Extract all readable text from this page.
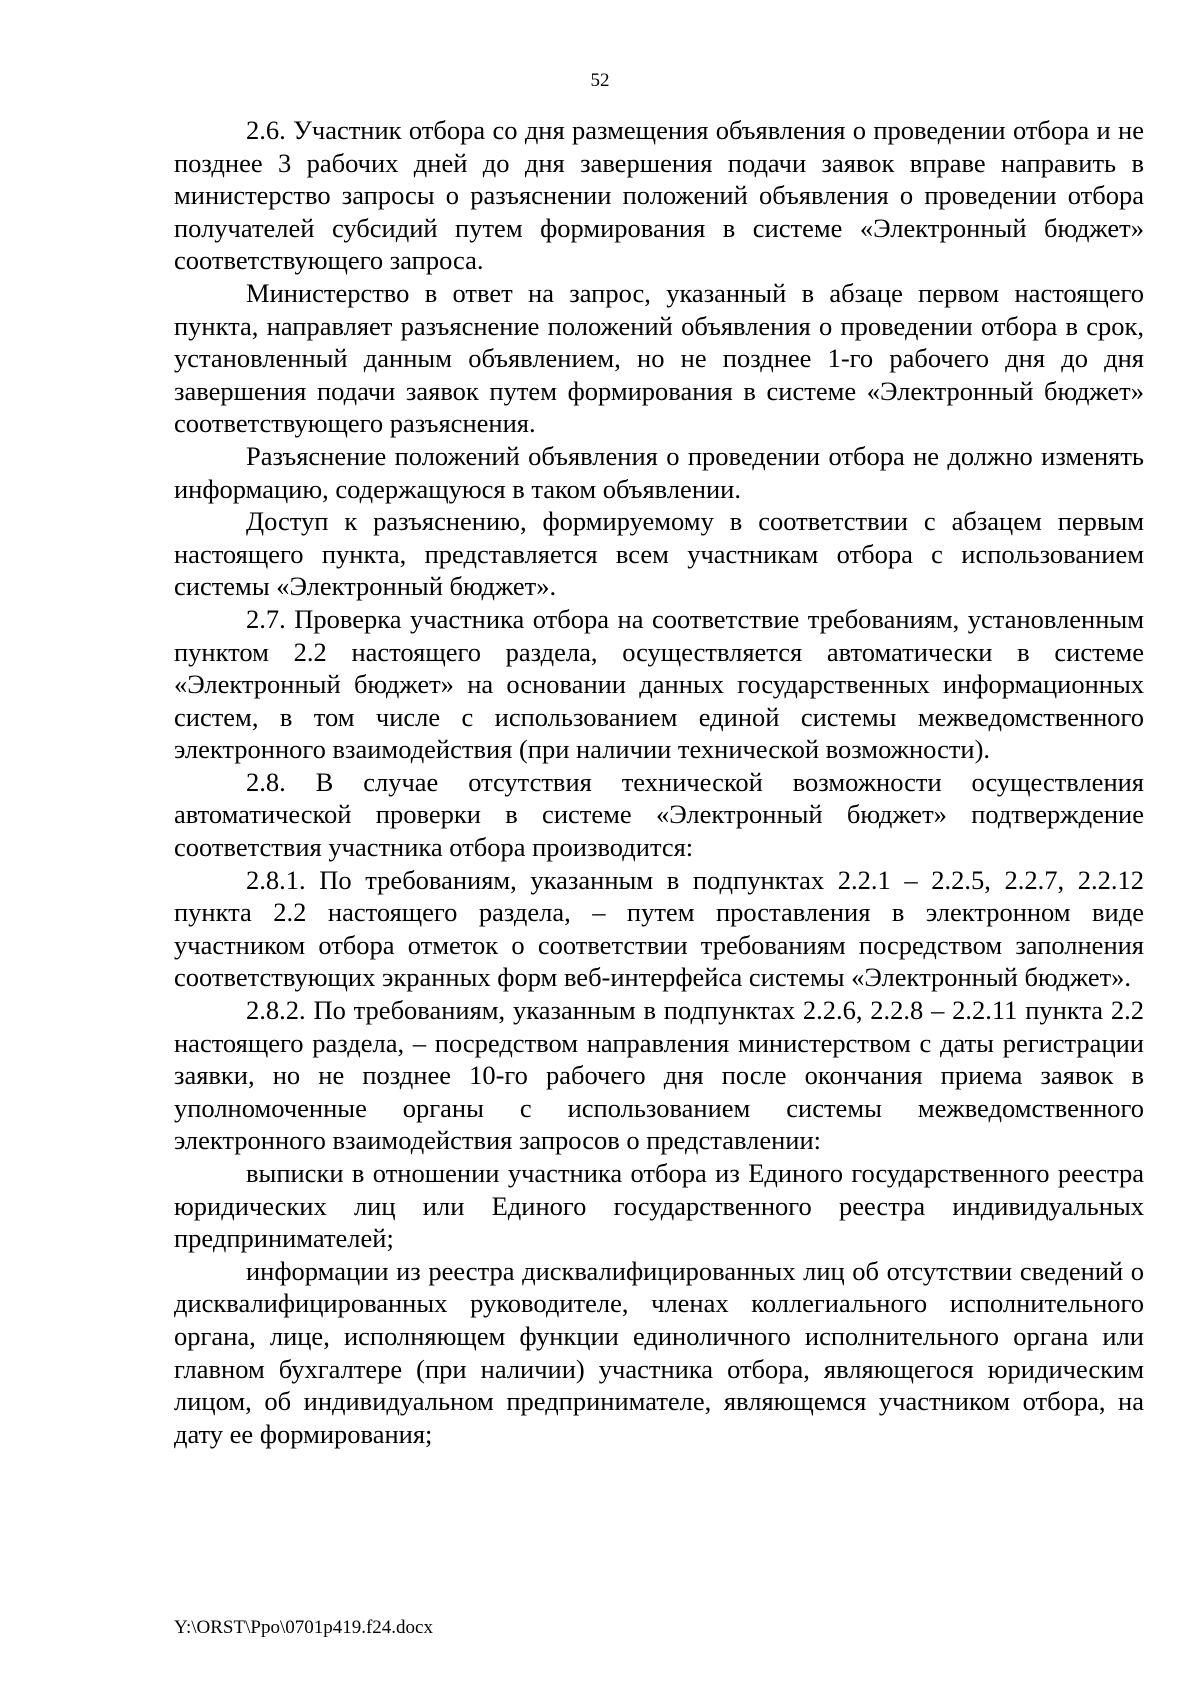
52

2.6. Участник отбора со дня размещения объявления о проведении отбора и не позднее 3 рабочих дней до дня завершения подачи заявок вправе направить в министерство запросы о разъяснении положений объявления о проведении отбора получателей субсидий путем формирования в системе «Электронный бюджет» соответствующего запроса.

Министерство в ответ на запрос, указанный в абзаце первом настоящего пункта, направляет разъяснение положений объявления о проведении отбора в срок, установленный данным объявлением, но не позднее 1-го рабочего дня до дня завершения подачи заявок путем формирования в системе «Электронный бюджет» соответствующего разъяснения.

Разъяснение положений объявления о проведении отбора не должно изменять информацию, содержащуюся в таком объявлении.

Доступ к разъяснению, формируемому в соответствии с абзацем первым настоящего пункта, представляется всем участникам отбора с использованием системы «Электронный бюджет».

2.7. Проверка участника отбора на соответствие требованиям, установленным пунктом 2.2 настоящего раздела, осуществляется автоматически в системе «Электронный бюджет» на основании данных государственных информационных систем, в том числе с использованием единой системы межведомственного электронного взаимодействия (при наличии технической возможности).

2.8. В случае отсутствия технической возможности осуществления автоматической проверки в системе «Электронный бюджет» подтверждение соответствия участника отбора производится:

2.8.1. По требованиям, указанным в подпунктах 2.2.1 – 2.2.5, 2.2.7, 2.2.12 пункта 2.2 настоящего раздела, – путем проставления в электронном виде участником отбора отметок о соответствии требованиям посредством заполнения соответствующих экранных форм веб-интерфейса системы «Электронный бюджет».

2.8.2. По требованиям, указанным в подпунктах 2.2.6, 2.2.8 – 2.2.11 пункта 2.2 настоящего раздела, – посредством направления министерством с даты регистрации заявки, но не позднее 10-го рабочего дня после окончания приема заявок в уполномоченные органы с использованием системы межведомственного электронного взаимодействия запросов о представлении:

выписки в отношении участника отбора из Единого государственного реестра юридических лиц или Единого государственного реестра индивидуальных предпринимателей;

информации из реестра дисквалифицированных лиц об отсутствии сведений о дисквалифицированных руководителе, членах коллегиального исполнительного органа, лице, исполняющем функции единоличного исполнительного органа или главном бухгалтере (при наличии) участника отбора, являющегося юридическим лицом, об индивидуальном предпринимателе, являющемся участником отбора, на дату ее формирования;

Y:\ORST\Ppo\0701p419.f24.docx
